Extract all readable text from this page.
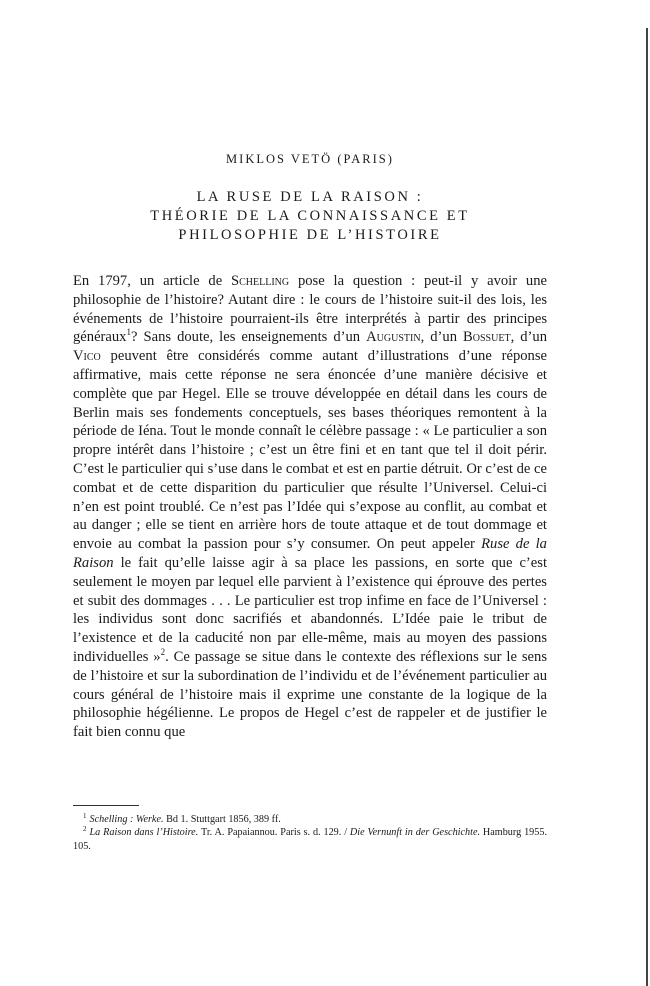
MIKLOS VETÖ (PARIS)
LA RUSE DE LA RAISON :
THÉORIE DE LA CONNAISSANCE ET
PHILOSOPHIE DE L’HISTOIRE

En 1797, un article de Schelling pose la question : peut-il y avoir une philosophie de l’histoire? Autant dire : le cours de l’histoire suit-il des lois, les événements de l’histoire pourraient-ils être interprétés à partir des principes généraux$^1$? Sans doute, les enseignements d’un Augustin, d’un Bossuet, d’un Vico peuvent être considérés comme autant d’illustrations d’une réponse affirmative, mais cette réponse ne sera énoncée d’une manière décisive et complète que par Hegel. Elle se trouve développée en détail dans les cours de Berlin mais ses fondements conceptuels, ses bases théoriques remontent à la période de Iéna. Tout le monde connaît le célèbre passage : « Le particulier a son propre intérêt dans l’histoire ; c’est un être fini et en tant que tel il doit périr. C’est le particulier qui s’use dans le combat et est en partie détruit. Or c’est de ce combat et de cette disparition du particulier que résulte l’Universel. Celui-ci n’en est point troublé. Ce n’est pas l’Idée qui s’expose au conflit, au combat et au danger ; elle se tient en arrière hors de toute attaque et de tout dommage et envoie au combat la passion pour s’y consumer. On peut appeler Ruse de la Raison le fait qu’elle laisse agir à sa place les passions, en sorte que c’est seulement le moyen par lequel elle parvient à l’existence qui éprouve des pertes et subit des dommages . . . Le particulier est trop infime en face de l’Universel : les individus sont donc sacrifiés et abandonnés. L’Idée paie le tribut de l’existence et de la caducité non par elle-même, mais au moyen des passions individuelles »$^2$. Ce passage se situe dans le contexte des réflexions sur le sens de l’histoire et sur la subordination de l’individu et de l’événement particulier au cours général de l’histoire mais il exprime une constante de la logique de la philosophie hégélienne. Le propos de Hegel c’est de rappeler et de justifier le fait bien connu que

$^1$ Schelling : Werke. Bd 1. Stuttgart 1856, 389 ff.

$^2$ La Raison dans l’Histoire. Tr. A. Papaiannou. Paris s. d. 129. / Die Vernunft in der Geschichte. Hamburg 1955. 105.
